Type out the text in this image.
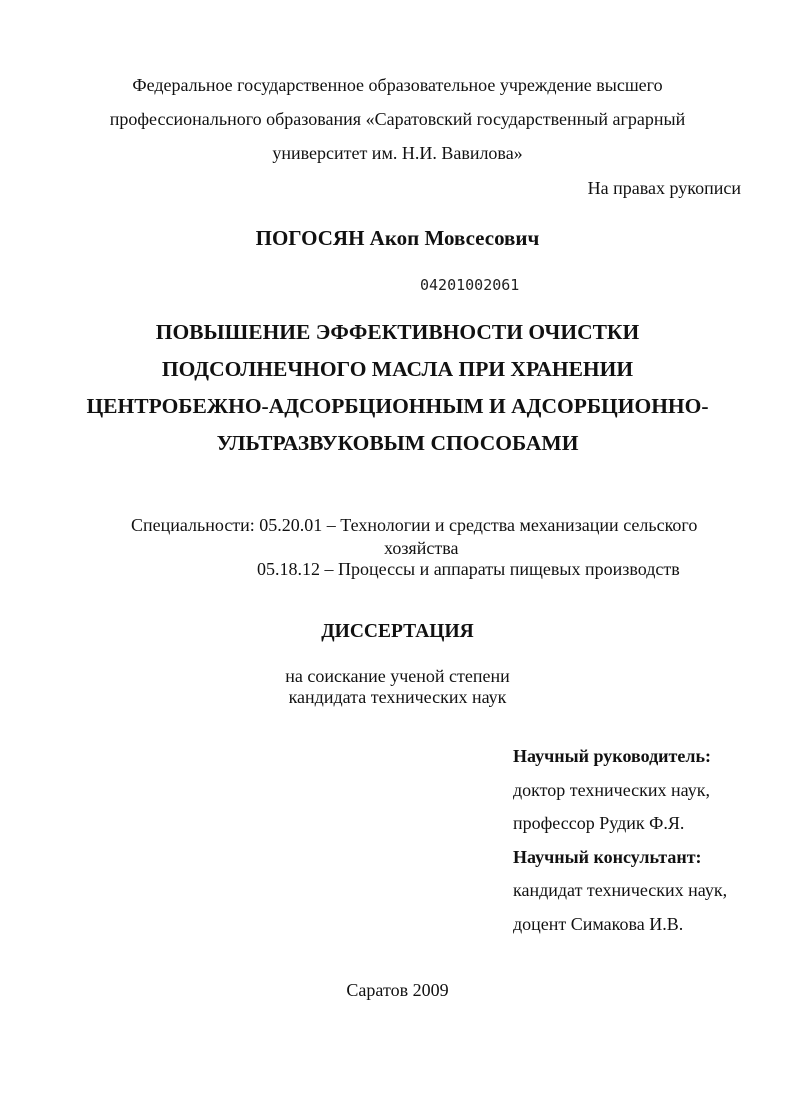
Федеральное государственное образовательное учреждение высшего
профессионального образования «Саратовский государственный аграрный
университет им. Н.И. Вавилова»
На правах рукописи
ПОГОСЯН Акоп Мовсесович
04201002061
ПОВЫШЕНИЕ ЭФФЕКТИВНОСТИ ОЧИСТКИ
ПОДСОЛНЕЧНОГО МАСЛА ПРИ ХРАНЕНИИ
ЦЕНТРОБЕЖНО-АДСОРБЦИОННЫМ И АДСОРБЦИОННО-
УЛЬТРАЗВУКОВЫМ СПОСОБАМИ
Специальности: 05.20.01 – Технологии и средства механизации сельского
хозяйства
05.18.12 – Процессы и аппараты пищевых производств
ДИССЕРТАЦИЯ
на соискание ученой степени
кандидата технических наук
Научный руководитель:
доктор технических наук,
профессор Рудик Ф.Я.
Научный консультант:
кандидат технических наук,
доцент Симакова И.В.
Саратов 2009
